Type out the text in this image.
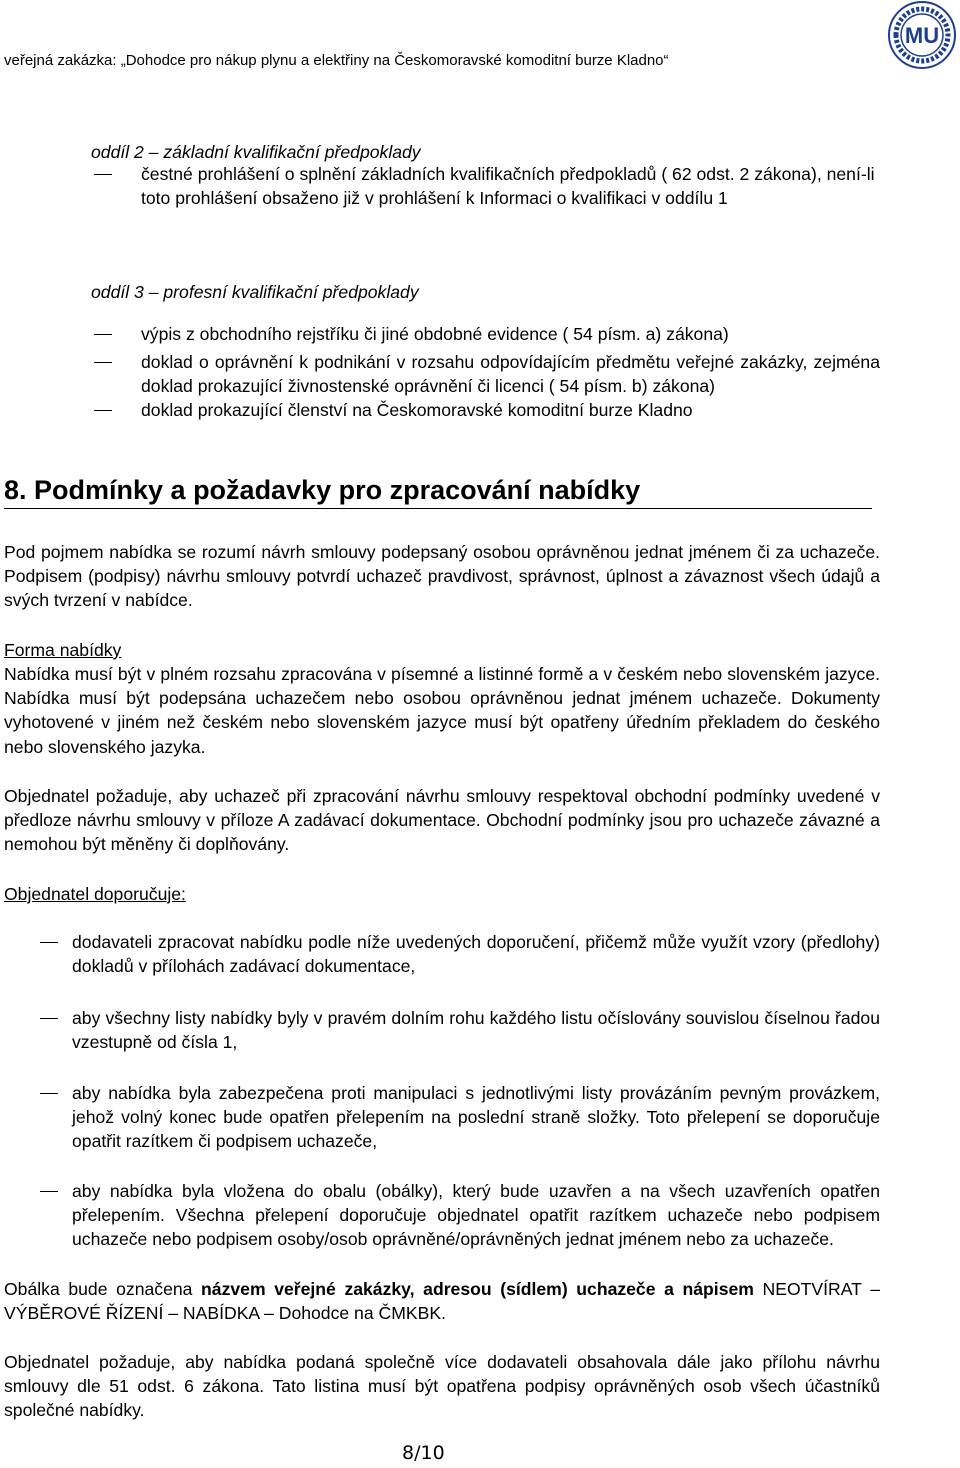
veřejná zakázka: „Dohodce pro nákup plynu a elektřiny na Českomoravské komoditní burze Kladno“
MU
oddíl 2 – základní kvalifikační předpoklady
čestné prohlášení o splnění základních kvalifikačních předpokladů ( 62 odst. 2 zákona), není-li
toto prohlášení obsaženo již v prohlášení k Informaci o kvalifikaci v oddílu 1
oddíl 3 – profesní kvalifikační předpoklady
výpis z obchodního rejstříku či jiné obdobné evidence ( 54 písm. a) zákona)
doklad o oprávnění k podnikání v rozsahu odpovídajícím předmětu veřejné zakázky, zejména
doklad prokazující živnostenské oprávnění či licenci ( 54 písm. b) zákona)
doklad prokazující členství na Českomoravské komoditní burze Kladno
8. Podmínky a požadavky pro zpracování nabídky
Pod pojmem nabídka se rozumí návrh smlouvy podepsaný osobou oprávněnou jednat jménem či za uchazeče. Podpisem (podpisy) návrhu smlouvy potvrdí uchazeč pravdivost, správnost, úplnost a závaznost všech údajů a svých tvrzení v nabídce.
Forma nabídky
Nabídka musí být v plném rozsahu zpracována v písemné a listinné formě a v českém nebo slovenském jazyce. Nabídka musí být podepsána uchazečem nebo osobou oprávněnou jednat jménem uchazeče. Dokumenty vyhotovené v jiném než českém nebo slovenském jazyce musí být opatřeny úředním překladem do českého nebo slovenského jazyka.
Objednatel požaduje, aby uchazeč při zpracování návrhu smlouvy respektoval obchodní podmínky uvedené v předloze návrhu smlouvy v příloze A zadávací dokumentace. Obchodní podmínky jsou pro uchazeče závazné a nemohou být měněny či doplňovány.
Objednatel doporučuje:
dodavateli zpracovat nabídku podle níže uvedených doporučení, přičemž může využít vzory (předlohy) dokladů v přílohách zadávací dokumentace,
aby všechny listy nabídky byly v pravém dolním rohu každého listu očíslovány souvislou číselnou řadou vzestupně od čísla 1,
aby nabídka byla zabezpečena proti manipulaci s jednotlivými listy provázáním pevným provázkem, jehož volný konec bude opatřen přelepením na poslední straně složky. Toto přelepení se doporučuje opatřit razítkem či podpisem uchazeče,
aby nabídka byla vložena do obalu (obálky), který bude uzavřen a na všech uzavřeních opatřen přelepením. Všechna přelepení doporučuje objednatel opatřit razítkem uchazeče nebo podpisem uchazeče nebo podpisem osoby/osob oprávněné/oprávněných jednat jménem nebo za uchazeče.
Obálka bude označena názvem veřejné zakázky, adresou (sídlem) uchazeče a nápisem NEOTVÍRAT – VÝBĚROVÉ ŘÍZENÍ – NABÍDKA – Dohodce na ČMKBK.
Objednatel požaduje, aby nabídka podaná společně více dodavateli obsahovala dále jako přílohu návrhu smlouvy dle 51 odst. 6 zákona. Tato listina musí být opatřena podpisy oprávněných osob všech účastníků společné nabídky.
8/10
